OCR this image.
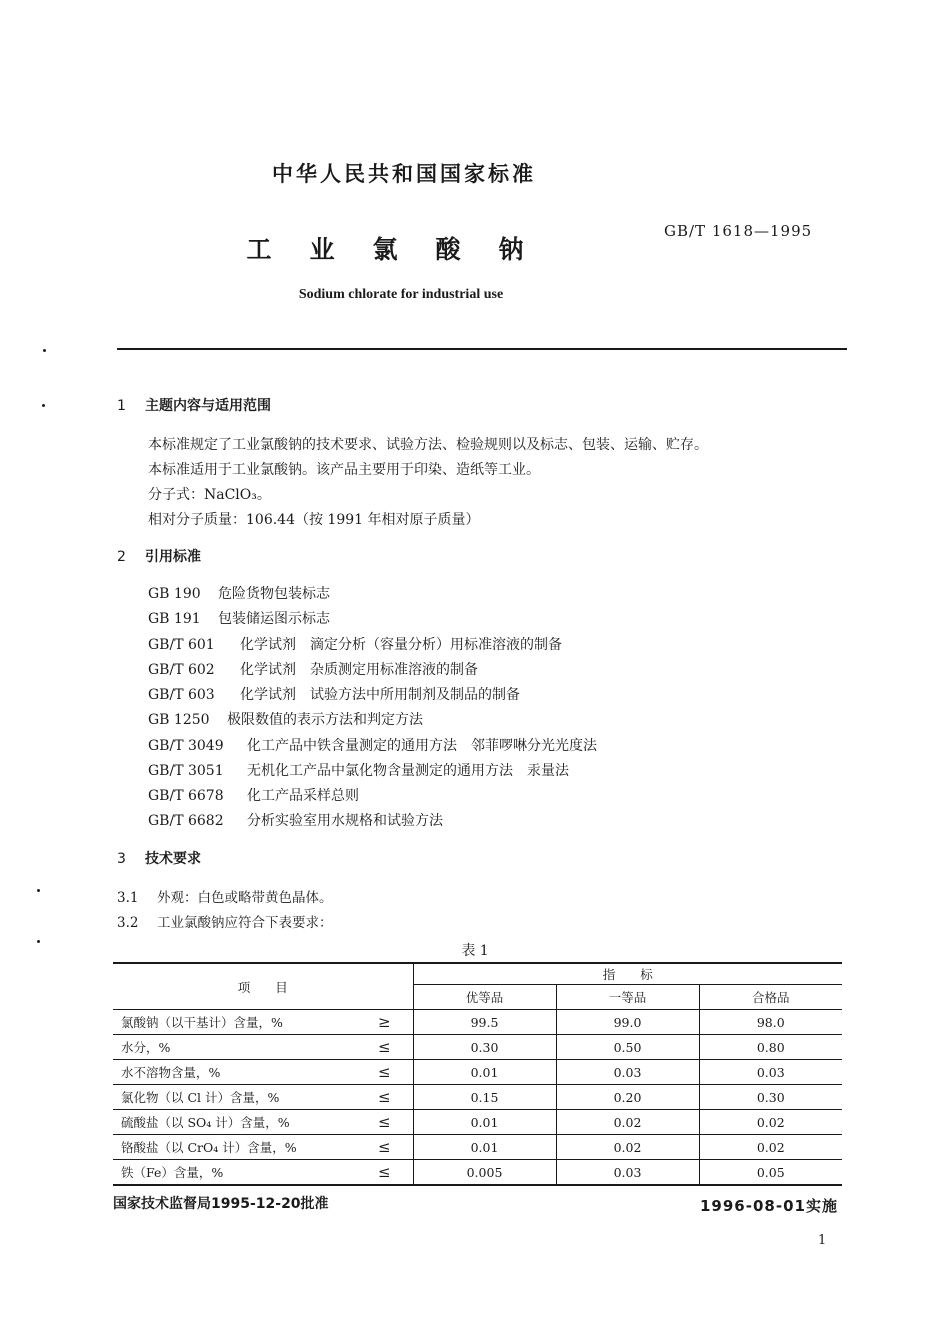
中华人民共和国国家标准
GB/T 1618—1995
工业氯酸钠
Sodium chlorate for industrial use
1 主题内容与适用范围
本标准规定了工业氯酸钠的技术要求、试验方法、检验规则以及标志、包装、运输、贮存。
本标准适用于工业氯酸钠。该产品主要用于印染、造纸等工业。
分子式：NaClO₃。
相对分子质量：106.44（按 1991 年相对原子质量）
2 引用标准
GB 190 危险货物包装标志
GB 191 包装储运图示标志
GB/T 601 化学试剂　滴定分析（容量分析）用标准溶液的制备
GB/T 602 化学试剂　杂质测定用标准溶液的制备
GB/T 603 化学试剂　试验方法中所用制剂及制品的制备
GB 1250 极限数值的表示方法和判定方法
GB/T 3049 化工产品中铁含量测定的通用方法　邻菲啰啉分光光度法
GB/T 3051 无机化工产品中氯化物含量测定的通用方法　汞量法
GB/T 6678 化工产品采样总则
GB/T 6682 分析实验室用水规格和试验方法
3 技术要求
3.1 外观：白色或略带黄色晶体。
3.2 工业氯酸钠应符合下表要求：
表 1
项　　目		指　　标		
		优等品	一等品	合格品
氯酸钠（以干基计）含量，%	≥	99.5	99.0	98.0
水分，%	≤	0.30	0.50	0.80
水不溶物含量，%	≤	0.01	0.03	0.03
氯化物（以 Cl 计）含量，%	≤	0.15	0.20	0.30
硫酸盐（以 SO₄ 计）含量，%	≤	0.01	0.02	0.02
铬酸盐（以 CrO₄ 计）含量，%	≤	0.01	0.02	0.02
铁（Fe）含量，%	≤	0.005	0.03	0.05
国家技术监督局1995-12-20批准	1996-08-01实施
1
